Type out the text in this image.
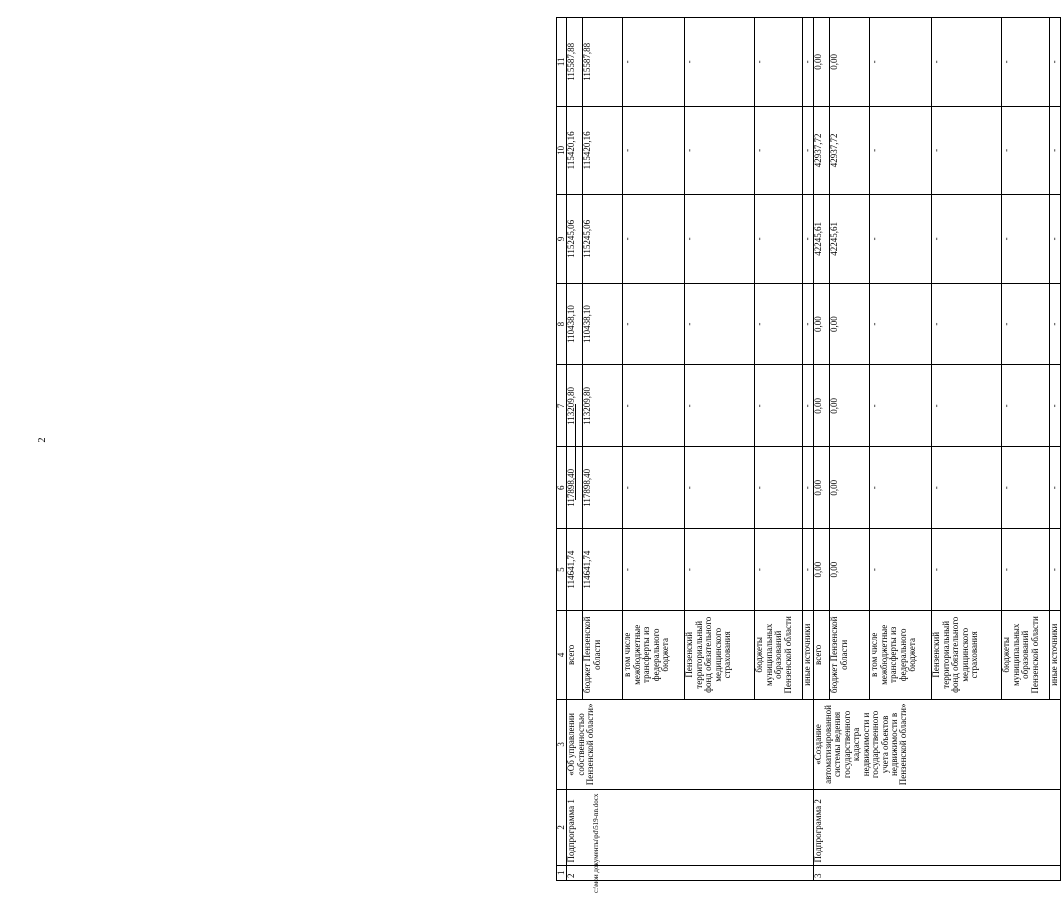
2
c:\мои документы\рd\519-nn.docx
1	2	3	4	5	6	7	8	9	10	11
2	Подпрограмма 1	«Об управлении собственностью Пензенской области»	всего	114641,74	117898,40	113209,80	110438,10	115245,06	115420,16	115587,88
			бюджет Пензенской области	114641,74	117898,40	113209,80	110438,10	115245,06	115420,16	115587,88
			в том числе межбюджетные трансферты из федерального бюджета	-	-	-	-	-	-	-
			Пензенский территориальный фонд обязательного медицинского страхования	-	-	-	-	-	-	-
			бюджеты муниципальных образований Пензенской области	-	-	-	-	-	-	-
			иные источники	-	-	-	-	-	-	-
3	Подпрограмма 2	«Создание автоматизированной системы ведения государственного кадастра недвижимости и государственного учета объектов недвижимости в Пензенской области»	всего	0,00	0,00	0,00	0,00	42245,61	42937,72	0,00
			бюджет Пензенской области	0,00	0,00	0,00	0,00	42245,61	42937,72	0,00
			в том числе межбюджетные трансферты из федерального бюджета	-	-	-	-	-	-	-
			Пензенский территориальный фонд обязательного медицинского страхования	-	-	-	-	-	-	-
			бюджеты муниципальных образований Пензенской области	-	-	-	-	-	-	-
			иные источники	-	-	-	-	-	-	-
